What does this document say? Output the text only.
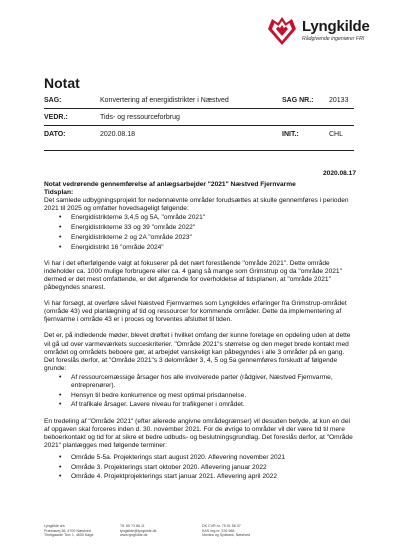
Lyngkilde
Rådgivende ingeniører FRI
Notat
SAG:	Konvertering af energidistrikter i Næstved	SAG NR.: 20133
VEDR.:	Tids- og ressourceforbrug
DATO:	2020.08.18	INIT.:	CHL
2020.08.17
Notat vedrørende gennemførelse af anlægsarbejder "2021" Næstved Fjernvarme
Tidsplan:
Det samlede udbygningsprojekt for nedennævnte områder forudsættes at skulle gennemføres i perioden 2021 til 2025 og omfatter hovedsageligt følgende:
• Energidistrikterne 3,4,5 og 5A, "område 2021"
• Energidistrikterne 33 og 39 "område 2022"
• Energidistrikterne 2 og 2A "område 2023"
• Energidistrikt 16 "område 2024"
Vi har i det efterfølgende valgt at fokuserer på det nært forestående "område 2021". Dette område indeholder ca. 1000 mulige forbrugere eller ca. 4 gang så mange som Grimstrup og da "område 2021" dermed er det mest omfattende, er det afgørende for overholdelse af tidsplanen, at "område 2021" påbegyndes snarest.
Vi har forsøgt, at overføre såvel Næstved Fjernvarmes som Lyngkildes erfaringer fra Grimstrup-området (område 43) ved planlægning af tid og ressourcer for kommende områder. Dette da implementering af fjernvarme i område 43 er i proces og forventes afsluttet til tiden.
Det er, på indledende møder, blevet drøftet i hvilket omfang der kunne foretage en opdeling uden at dette vil gå ud over varmeværkets succeskriterier. "Område 2021"s størrelse og den meget brede kontakt med området og områdets beboere gør, at arbejdet vanskeligt kan påbegyndes i alle 3 områder på en gang. Det foreslås derfor, at "Område 2021"s 3 delområder 3, 4, 5 og 5a gennemføres forskudt af følgende grunde:
• Af ressourcemæssige årsager hos alle involverede parter (rådgiver, Næstved Fjernvarme, entreprenører).
• Hensyn til bedre konkurrence og mest optimal prisdannelse.
• Af trafikale årsager. Lavere niveau for trafikgener i området.
En tredeling af "Område 2021" (efter allerede angivne områdegrænser) vil desuden betyde, at kun en del af opgaven skal forceres inden d. 30. november 2021. For de øvrige to områder vil der være tid til mere beboerkontakt og tid for at sikre et bedre udbuds- og beslutningsgrundlag. Det foreslås derfor, at "Område 2021" planlægges med følgende terminer:
• Område 5-5a. Projekterings start august 2020. Aflevering november 2021
• Område 3. Projekterings start oktober 2020. Aflevering januar 2022
• Område 4. Projektprojekterings start januar 2021. Aflevering april 2022
Lyngkilde a/s
Præstøvej 36, 4700 Næstved
Thetlgaarde Torv 1, 4600 Køge
Tlf. 55 73 86 11
lyngkilde@lyngkilde.dk
www.lyngkilde.dk
DK CVR-nr. 75 01 56 37
KAS reg.nr. 226 988
Nordea og Sydbank, Næstved
